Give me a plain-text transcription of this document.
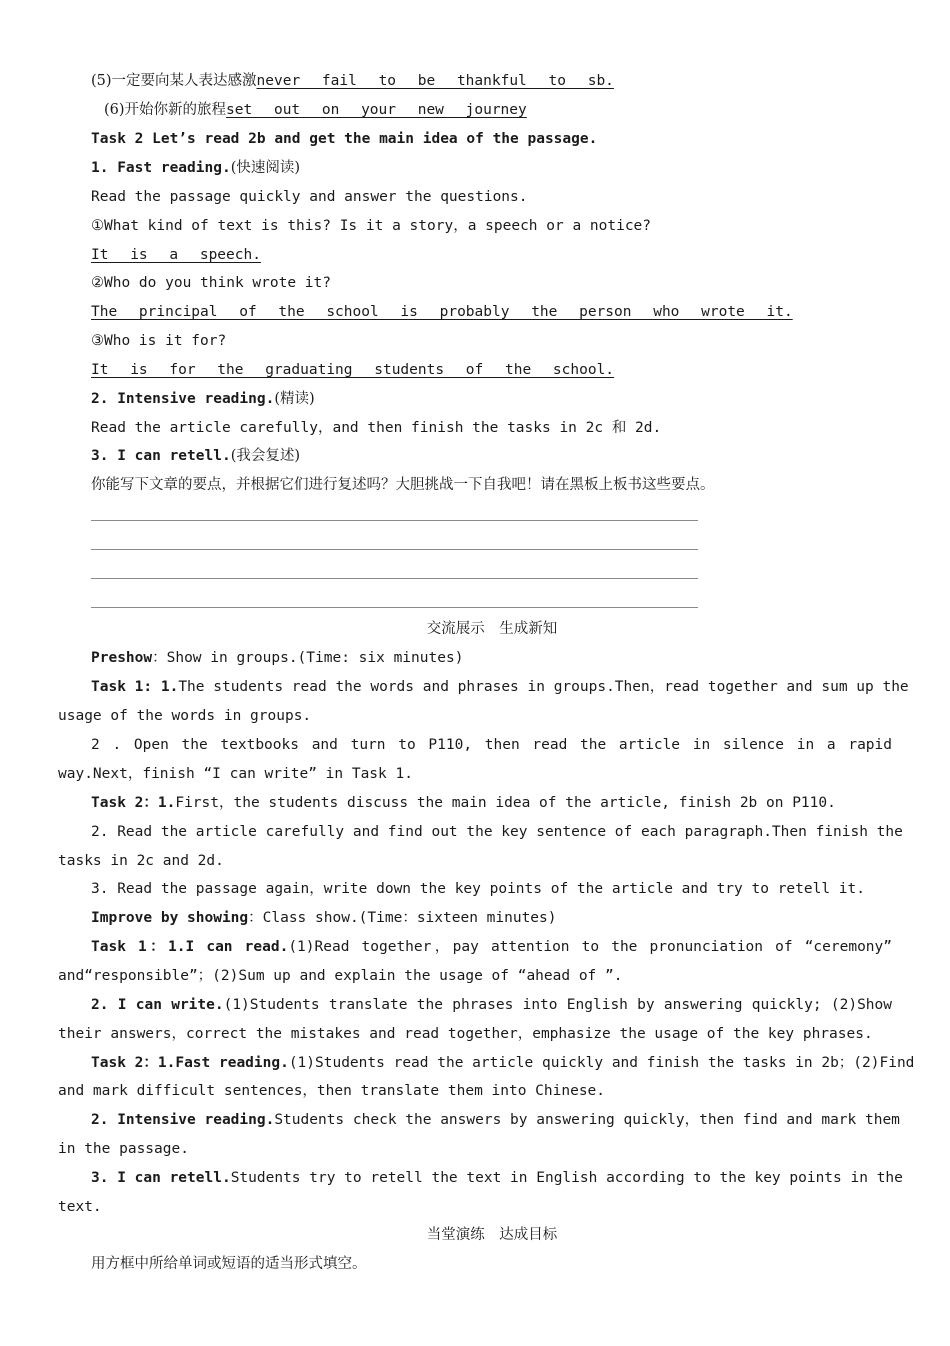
(5)一定要向某人表达感激never fail to be thankful to sb.
(6)开始你新的旅程set out on your new journey
Task 2 Let’s read 2b and get the main idea of the passage.
1. Fast reading.(快速阅读)
Read the passage quickly and answer the questions.
①What kind of text is this? Is it a story，a speech or a notice?
It is a speech.
②Who do you think wrote it?
The principal of the school is probably the person who wrote it.
③Who is it for?
It is for the graduating students of the school.
2. Intensive reading.(精读)
Read the article carefully，and then finish the tasks in 2c 和 2d.
3. I can retell.(我会复述)
你能写下文章的要点，并根据它们进行复述吗？大胆挑战一下自我吧！请在黑板上板书这些要点。
交流展示　生成新知
Preshow：Show in groups.(Time: six minutes)
Task 1: 1.The students read the words and phrases in groups.Then，read together and sum up the
usage of the words in groups.
2 . Open the textbooks and turn to P110, then read the article in silence in a rapid
way.Next，finish “I can write” in Task 1.
Task 2：1.First，the students discuss the main idea of the article, finish 2b on P110.
2. Read the article carefully and find out the key sentence of each paragraph.Then finish the
tasks in 2c and 2d.
3. Read the passage again，write down the key points of the article and try to retell it.
Improve by showing：Class show.(Time：sixteen minutes)
Task 1：1.I can read.(1)Read together，pay attention to the pronunciation of “ceremony”
and“responsible”；(2)Sum up and explain the usage of “ahead of ”.
2. I can write.(1)Students translate the phrases into English by answering quickly; (2)Show
their answers，correct the mistakes and read together，emphasize the usage of the key phrases.
Task 2：1.Fast reading.(1)Students read the article quickly and finish the tasks in 2b；(2)Find
and mark difficult sentences，then translate them into Chinese.
2. Intensive reading.Students check the answers by answering quickly，then find and mark them
in the passage.
3. I can retell.Students try to retell the text in English according to the key points in the
text.
当堂演练　达成目标
用方框中所给单词或短语的适当形式填空。
